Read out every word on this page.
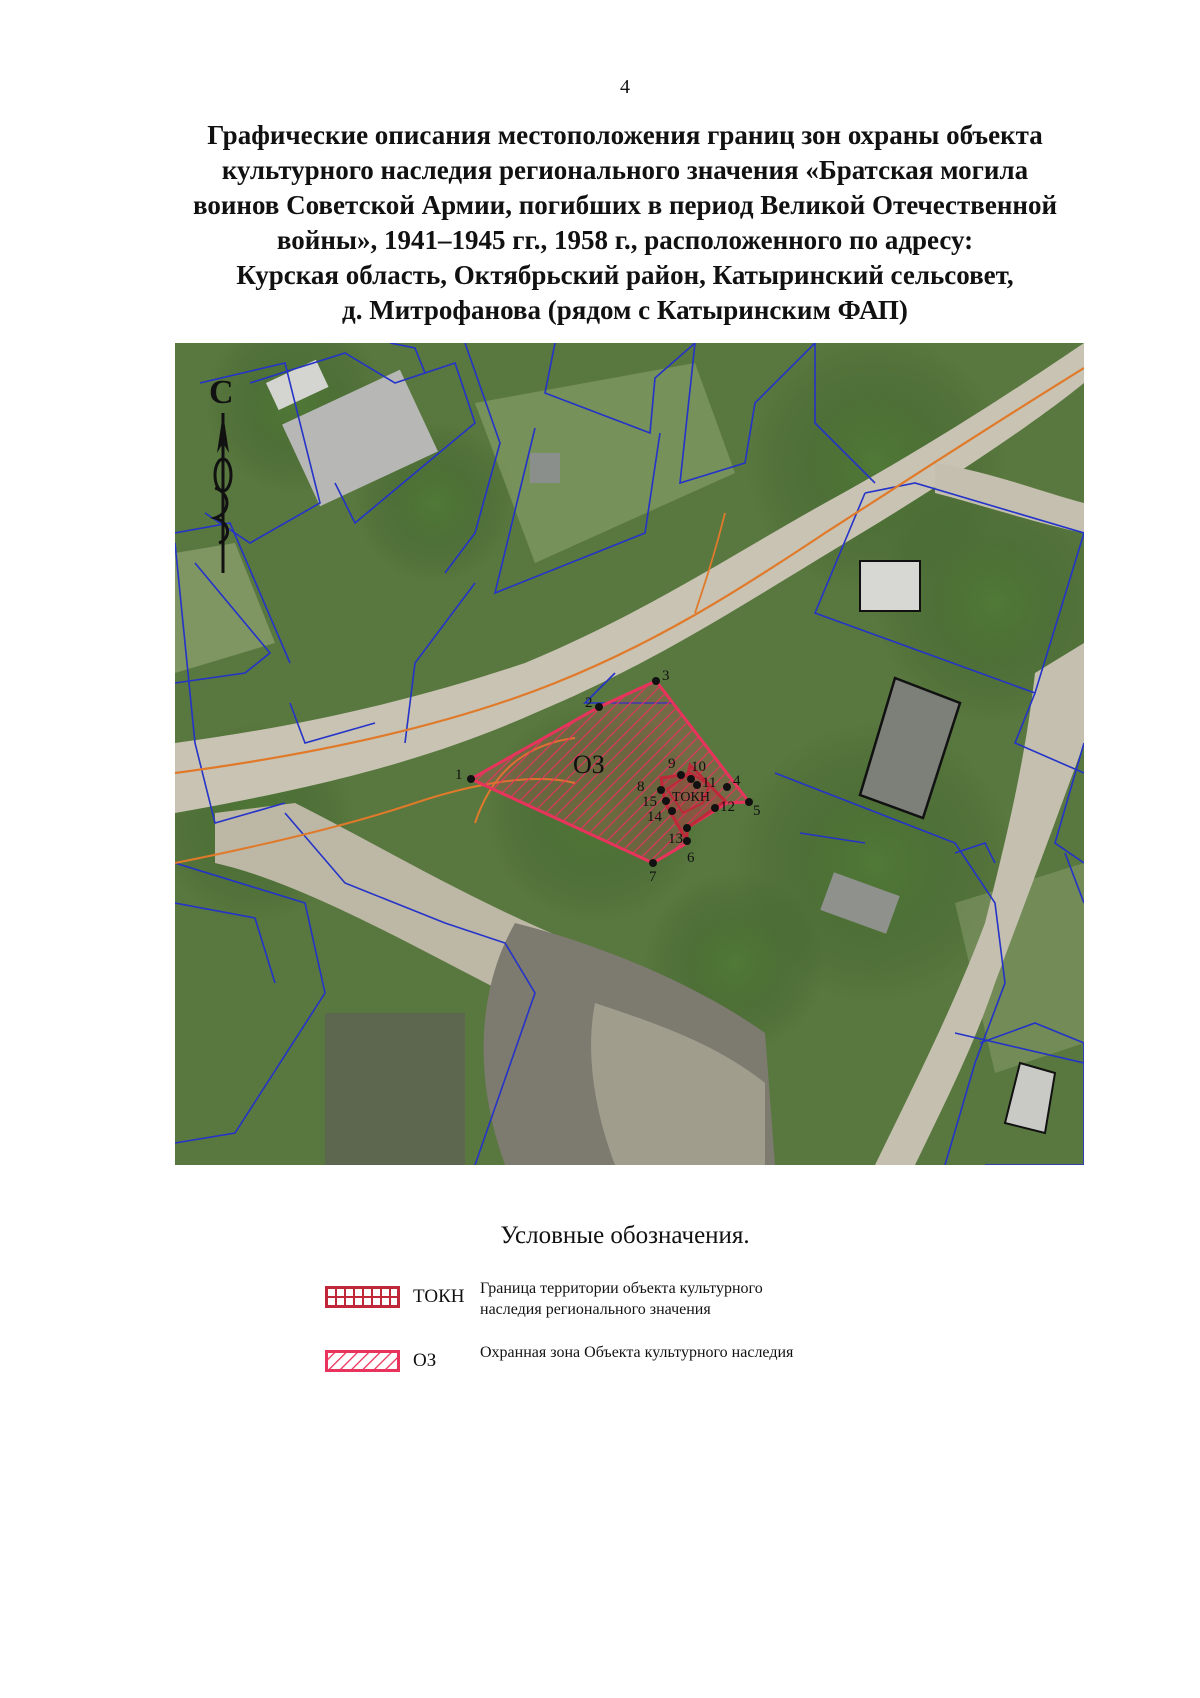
4
Графические описания местоположения границ зон охраны объекта
культурного наследия регионального значения «Братская могила
воинов Советской Армии, погибших в период Великой Отечественной
войны», 1941–1945 гг., 1958 г., расположенного по адресу:
Курская область, Октябрьский район, Катыринский сельсовет,
д. Митрофанова (рядом с Катыринским ФАП)
ОЗ
ТОКН
1
2
3
4
5
6
7
8
9 10
11
12
13
14
15
С
Условные обозначения.
ТОКН Граница территории объекта культурного наследия регионального значения
ОЗ	Охранная зона Объекта культурного наследия
